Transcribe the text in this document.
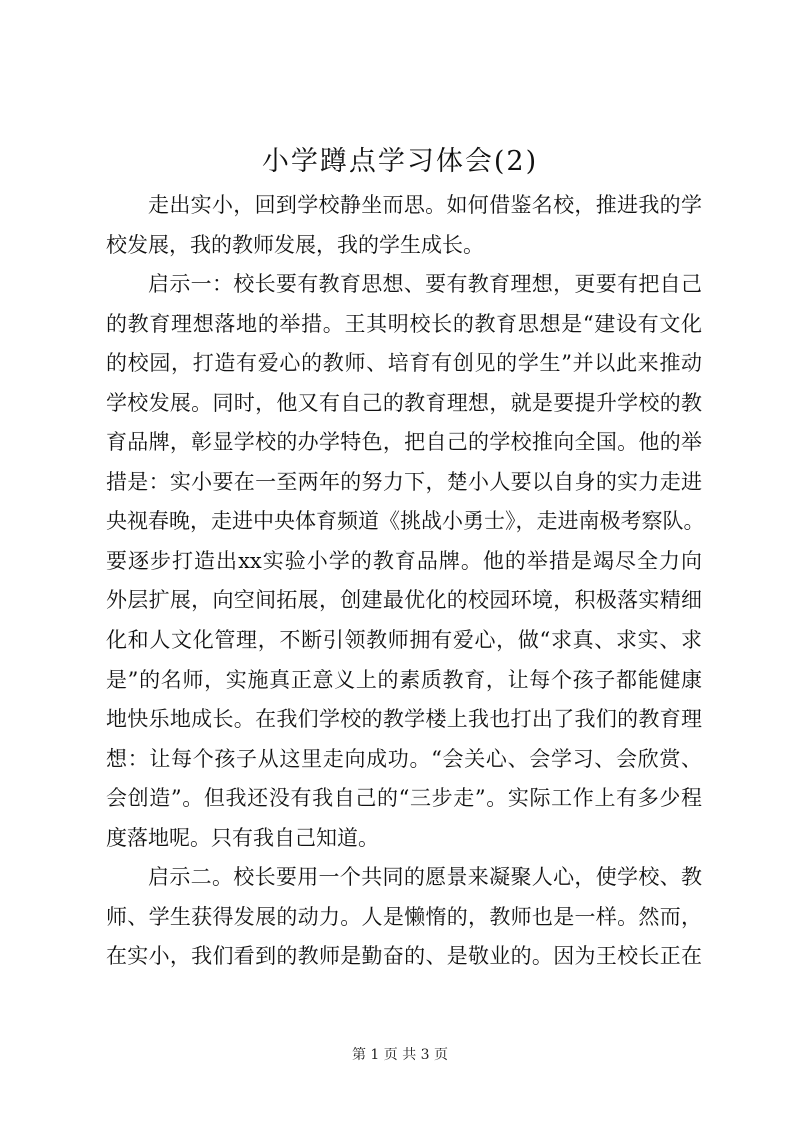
小学蹲点学习体会(2)
走出实小，回到学校静坐而思。如何借鉴名校，推进我的学
校发展，我的教师发展，我的学生成长。
启示一：校长要有教育思想、要有教育理想，更要有把自己
的教育理想落地的举措。王其明校长的教育思想是“建设有文化
的校园，打造有爱心的教师、培育有创见的学生”并以此来推动
学校发展。同时，他又有自己的教育理想，就是要提升学校的教
育品牌，彰显学校的办学特色，把自己的学校推向全国。他的举
措是：实小要在一至两年的努力下，楚小人要以自身的实力走进
央视春晚，走进中央体育频道《挑战小勇士》，走进南极考察队。
要逐步打造出xx实验小学的教育品牌。他的举措是竭尽全力向
外层扩展，向空间拓展，创建最优化的校园环境，积极落实精细
化和人文化管理，不断引领教师拥有爱心，做“求真、求实、求
是”的名师，实施真正意义上的素质教育，让每个孩子都能健康
地快乐地成长。在我们学校的教学楼上我也打出了我们的教育理
想：让每个孩子从这里走向成功。“会关心、会学习、会欣赏、
会创造”。但我还没有我自己的“三步走”。实际工作上有多少程
度落地呢。只有我自己知道。
启示二。校长要用一个共同的愿景来凝聚人心，使学校、教
师、学生获得发展的动力。人是懒惰的，教师也是一样。然而，
在实小，我们看到的教师是勤奋的、是敬业的。因为王校长正在
第 1 页 共 3 页
